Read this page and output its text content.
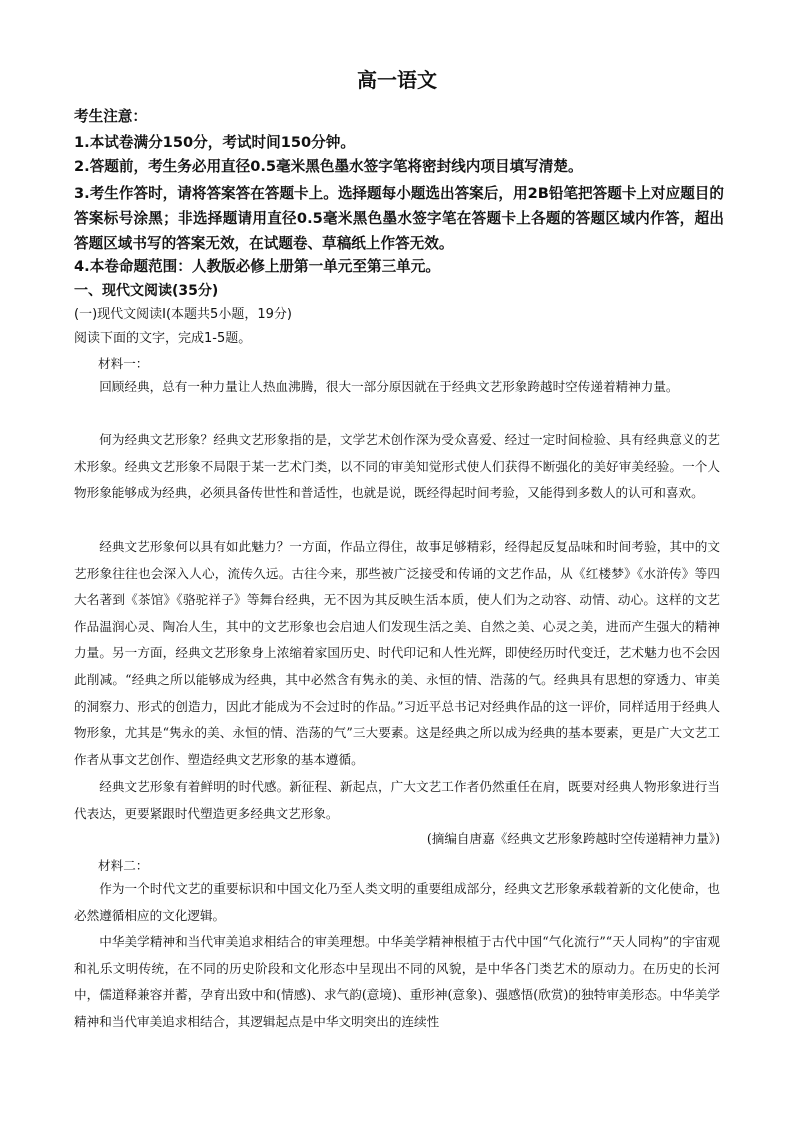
高一语文
考生注意：
1.本试卷满分150分，考试时间150分钟。
2.答题前，考生务必用直径0.5毫米黑色墨水签字笔将密封线内项目填写清楚。
3.考生作答时，请将答案答在答题卡上。选择题每小题选出答案后，用2B铅笔把答题卡上对应题目的答案标号涂黑；非选择题请用直径0.5毫米黑色墨水签字笔在答题卡上各题的答题区域内作答，超出答题区域书写的答案无效，在试题卷、草稿纸上作答无效。
4.本卷命题范围：人教版必修上册第一单元至第三单元。
一、现代文阅读(35分)
(一)现代文阅读Ⅰ(本题共5小题，19分)
阅读下面的文字，完成1-5题。
材料一：
回顾经典，总有一种力量让人热血沸腾，很大一部分原因就在于经典文艺形象跨越时空传递着精神力量。
何为经典文艺形象？经典文艺形象指的是，文学艺术创作深为受众喜爱、经过一定时间检验、具有经典意义的艺术形象。经典文艺形象不局限于某一艺术门类，以不同的审美知觉形式使人们获得不断强化的美好审美经验。一个人物形象能够成为经典，必须具备传世性和普适性，也就是说，既经得起时间考验，又能得到多数人的认可和喜欢。
经典文艺形象何以具有如此魅力？一方面，作品立得住，故事足够精彩，经得起反复品味和时间考验，其中的文艺形象往往也会深入人心，流传久远。古往今来，那些被广泛接受和传诵的文艺作品，从《红楼梦》《水浒传》等四大名著到《茶馆》《骆驼祥子》等舞台经典，无不因为其反映生活本质，使人们为之动容、动情、动心。这样的文艺作品温润心灵、陶冶人生，其中的文艺形象也会启迪人们发现生活之美、自然之美、心灵之美，进而产生强大的精神力量。另一方面，经典文艺形象身上浓缩着家国历史、时代印记和人性光辉，即使经历时代变迁，艺术魅力也不会因此削减。“经典之所以能够成为经典，其中必然含有隽永的美、永恒的情、浩荡的气。经典具有思想的穿透力、审美的洞察力、形式的创造力，因此才能成为不会过时的作品。”习近平总书记对经典作品的这一评价，同样适用于经典人物形象，尤其是“隽永的美、永恒的情、浩荡的气”三大要素。这是经典之所以成为经典的基本要素，更是广大文艺工作者从事文艺创作、塑造经典文艺形象的基本遵循。
经典文艺形象有着鲜明的时代感。新征程、新起点，广大文艺工作者仍然重任在肩，既要对经典人物形象进行当代表达，更要紧跟时代塑造更多经典文艺形象。
(摘编自唐嘉《经典文艺形象跨越时空传递精神力量》)
材料二：
作为一个时代文艺的重要标识和中国文化乃至人类文明的重要组成部分，经典文艺形象承载着新的文化使命，也必然遵循相应的文化逻辑。
中华美学精神和当代审美追求相结合的审美理想。中华美学精神根植于古代中国“气化流行”“天人同构”的宇宙观和礼乐文明传统，在不同的历史阶段和文化形态中呈现出不同的风貌，是中华各门类艺术的原动力。在历史的长河中，儒道释兼容并蓄，孕育出致中和(情感)、求气韵(意境)、重形神(意象)、强感悟(欣赏)的独特审美形态。中华美学精神和当代审美追求相结合，其逻辑起点是中华文明突出的连续性
